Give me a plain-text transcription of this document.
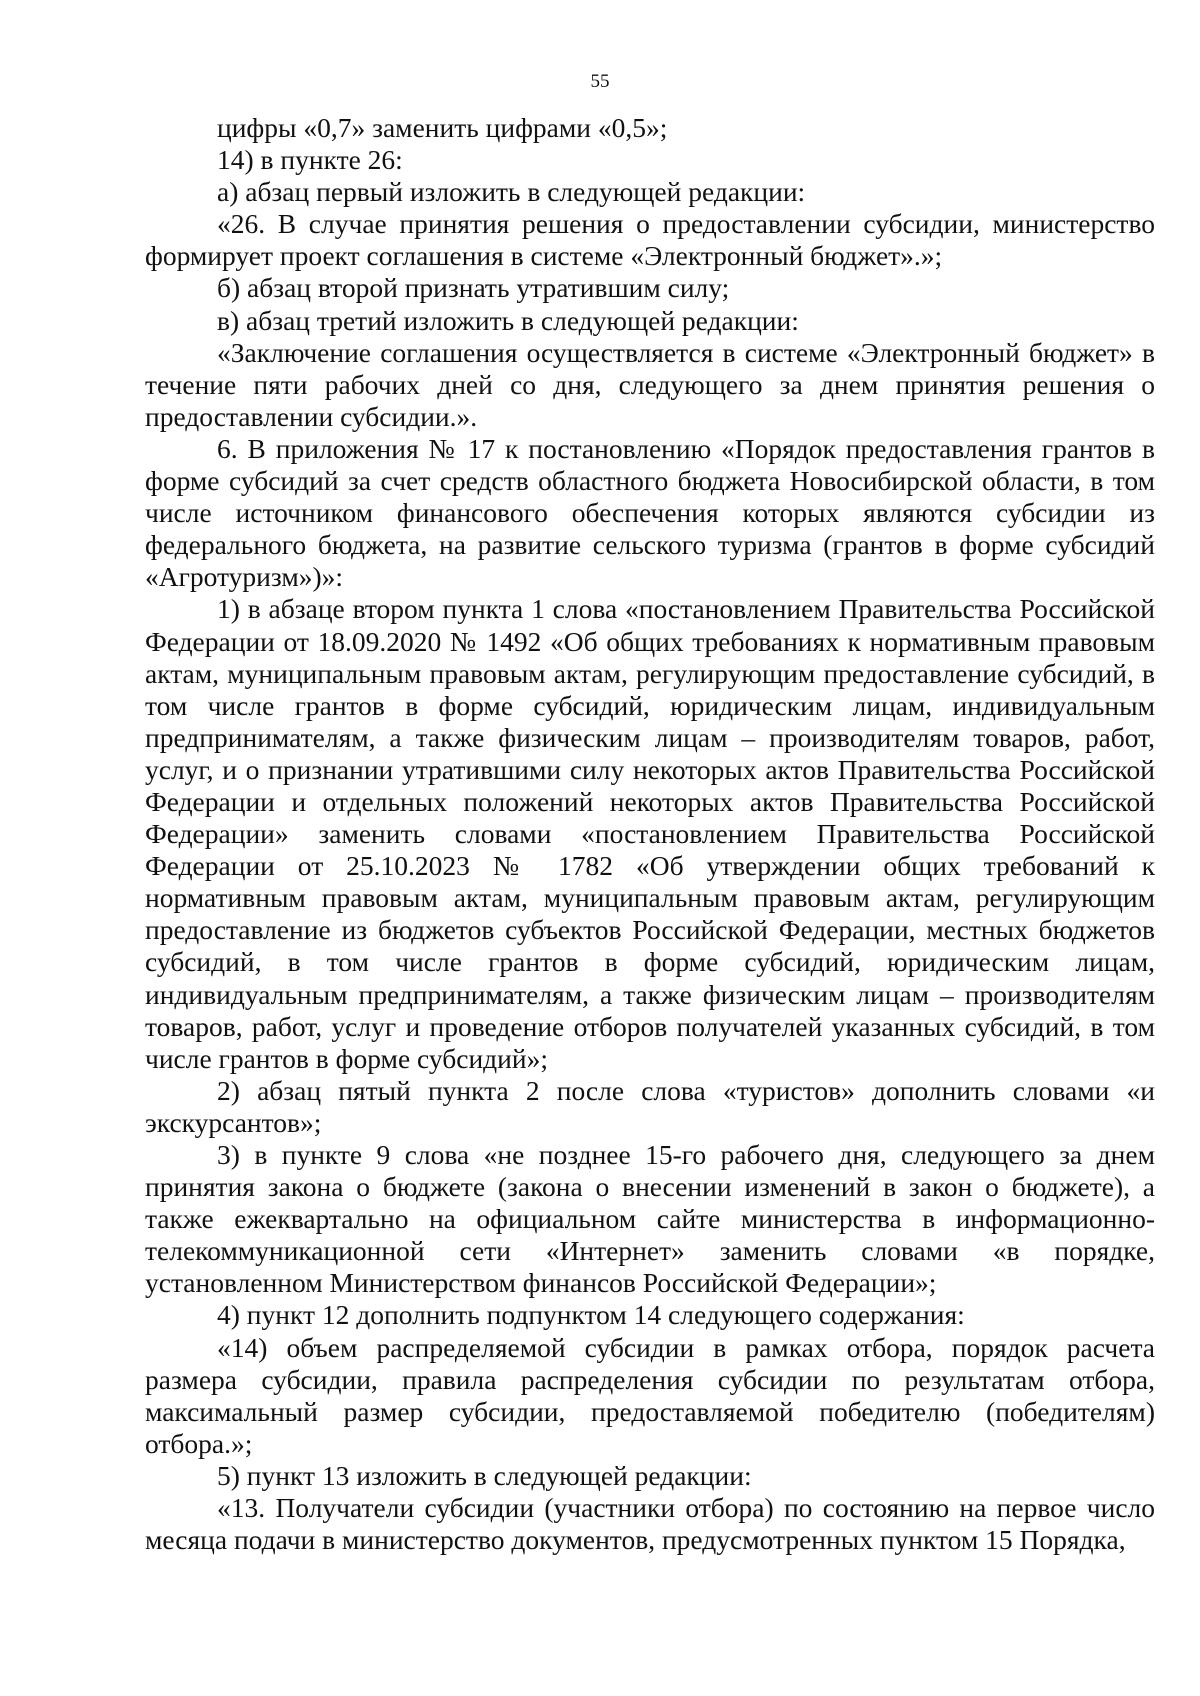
55

цифры «0,7» заменить цифрами «0,5»;

14) в пункте 26:

а) абзац первый изложить в следующей редакции:

«26. В случае принятия решения о предоставлении субсидии, министерство формирует проект соглашения в системе «Электронный бюджет».»;

б) абзац второй признать утратившим силу;

в) абзац третий изложить в следующей редакции:

«Заключение соглашения осуществляется в системе «Электронный бюджет» в течение пяти рабочих дней со дня, следующего за днем принятия решения о предоставлении субсидии.».

6. В приложения № 17 к постановлению «Порядок предоставления грантов в форме субсидий за счет средств областного бюджета Новосибирской области, в том числе источником финансового обеспечения которых являются субсидии из федерального бюджета, на развитие сельского туризма (грантов в форме субсидий «Агротуризм»)»:

1) в абзаце втором пункта 1 слова «постановлением Правительства Российской Федерации от 18.09.2020 № 1492 «Об общих требованиях к нормативным правовым актам, муниципальным правовым актам, регулирующим предоставление субсидий, в том числе грантов в форме субсидий, юридическим лицам, индивидуальным предпринимателям, а также физическим лицам – производителям товаров, работ, услуг, и о признании утратившими силу некоторых актов Правительства Российской Федерации и отдельных положений некоторых актов Правительства Российской Федерации» заменить словами «постановлением Правительства Российской Федерации от 25.10.2023 № 1782 «Об утверждении общих требований к нормативным правовым актам, муниципальным правовым актам, регулирующим предоставление из бюджетов субъектов Российской Федерации, местных бюджетов субсидий, в том числе грантов в форме субсидий, юридическим лицам, индивидуальным предпринимателям, а также физическим лицам – производителям товаров, работ, услуг и проведение отборов получателей указанных субсидий, в том числе грантов в форме субсидий»;

2) абзац пятый пункта 2 после слова «туристов» дополнить словами «и экскурсантов»;

3) в пункте 9 слова «не позднее 15-го рабочего дня, следующего за днем принятия закона о бюджете (закона о внесении изменений в закон о бюджете), а также ежеквартально на официальном сайте министерства в информационно-телекоммуникационной сети «Интернет» заменить словами «в порядке, установленном Министерством финансов Российской Федерации»;

4) пункт 12 дополнить подпунктом 14 следующего содержания:

«14) объем распределяемой субсидии в рамках отбора, порядок расчета размера субсидии, правила распределения субсидии по результатам отбора, максимальный размер субсидии, предоставляемой победителю (победителям) отбора.»;

5) пункт 13 изложить в следующей редакции:

«13. Получатели субсидии (участники отбора) по состоянию на первое число месяца подачи в министерство документов, предусмотренных пунктом 15 Порядка,
